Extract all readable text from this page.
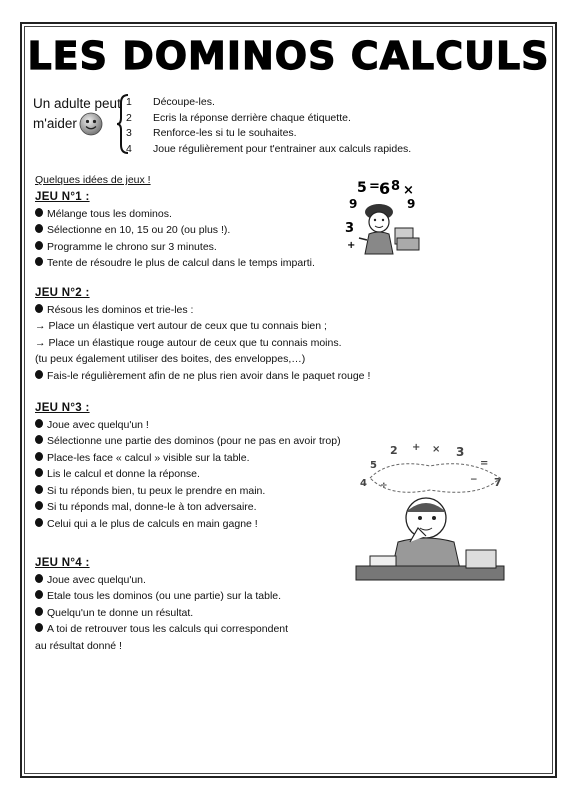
LES DOMINOS CALCULS
Un adulte peut
m'aider
1 Découpe-les.
2 Ecris la réponse derrière chaque étiquette.
3 Renforce-les si tu le souhaites.
4 Joue régulièrement pour t'entrainer aux calculs rapides.
Quelques idées de jeux !
JEU N°1 :
Mélange tous les dominos.
Sélectionne en 10, 15 ou 20 (ou plus !).
Programme le chrono sur 3 minutes.
Tente de résoudre le plus de calcul dans le temps imparti.
JEU N°2 :
Résous les dominos et trie-les :
→ Place un élastique vert autour de ceux que tu connais bien ;
→ Place un élastique rouge autour de ceux que tu connais moins.
(tu peux également utiliser des boites, des enveloppes,…)
Fais-le régulièrement afin de ne plus rien avoir dans le paquet rouge !
JEU N°3 :
Joue avec quelqu'un !
Sélectionne une partie des dominos (pour ne pas en avoir trop)
Place-les face « calcul » visible sur la table.
Lis le calcul et donne la réponse.
Si tu réponds bien, tu peux le prendre en main.
Si tu réponds mal, donne-le à ton adversaire.
Celui qui a le plus de calculs en main gagne !
JEU N°4 :
Joue avec quelqu'un.
Etale tous les dominos (ou une partie) sur la table.
Quelqu'un te donne un résultat.
A toi de retrouver tous les calculs qui correspondent
au résultat donné !
5 = 6 8 ×
9	9
3
+
2 + × 3
5	=
4	7
÷
−
